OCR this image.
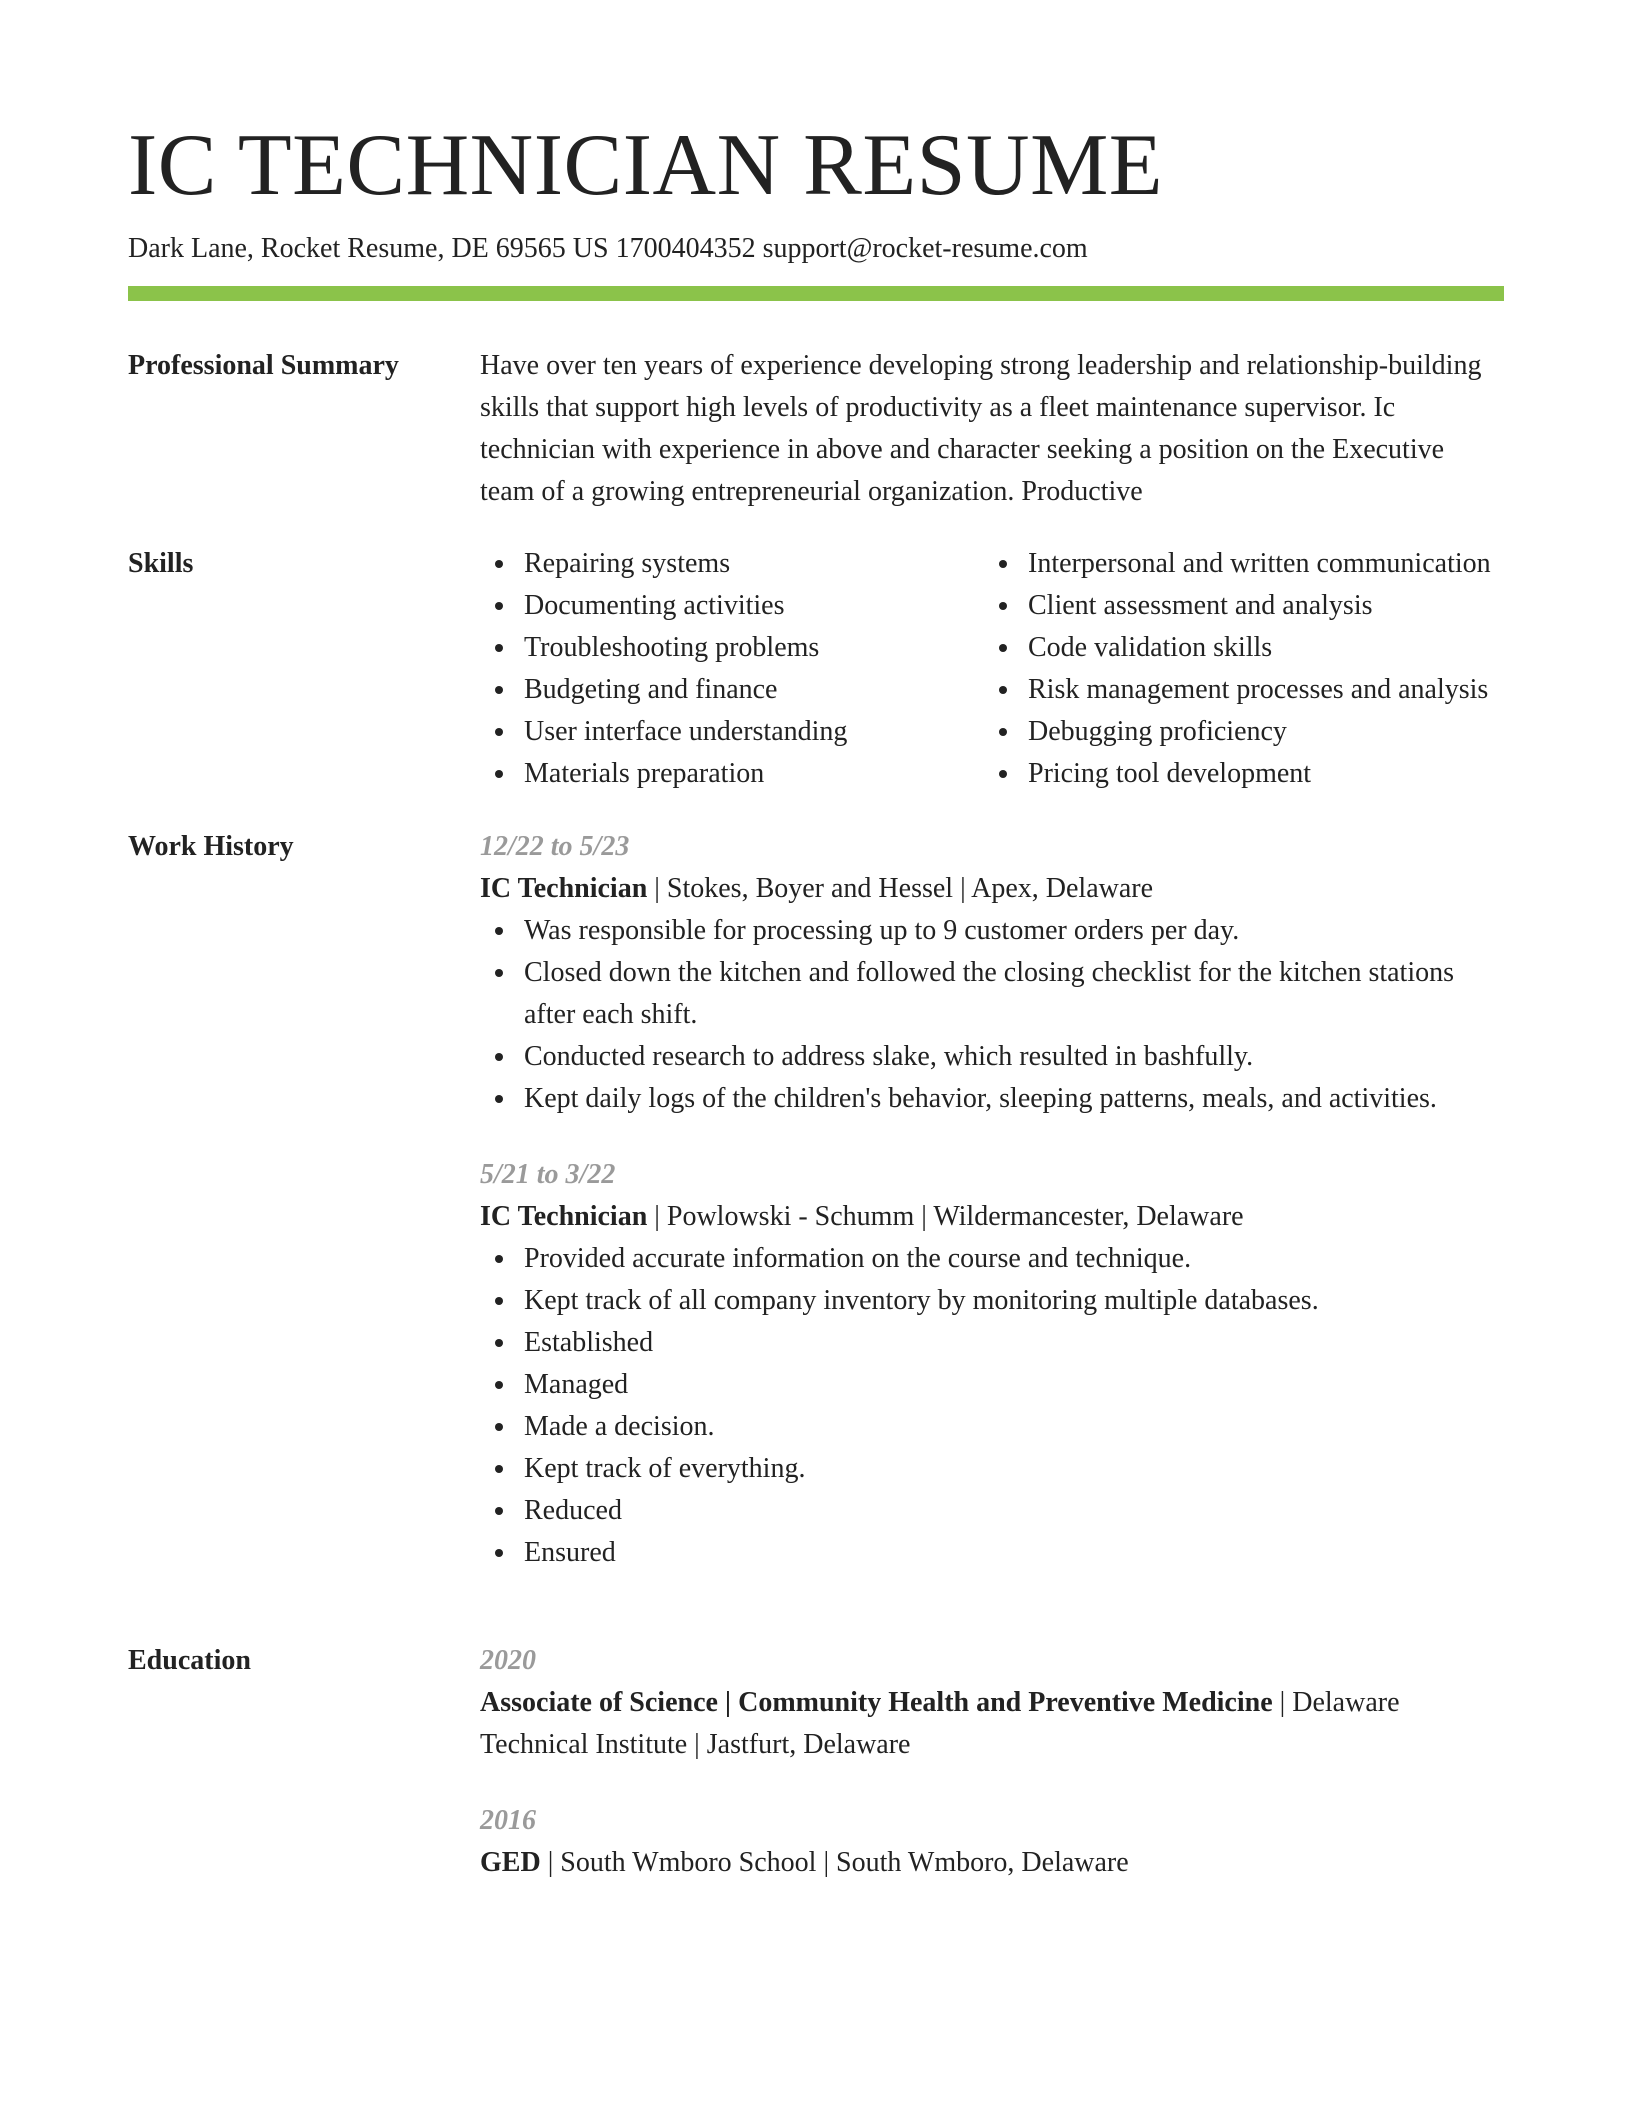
IC TECHNICIAN RESUME
Dark Lane, Rocket Resume, DE 69565 US 1700404352 support@rocket-resume.com
Professional Summary	Have over ten years of experience developing strong leadership and relationship-building skills that support high levels of productivity as a fleet maintenance supervisor. Ic technician with experience in above and character seeking a position on the Executive team of a growing entrepreneurial organization. Productive

Skills	Repairing systems
Documenting activities
Troubleshooting problems
Budgeting and finance
User interface understanding
Materials preparation
Interpersonal and written communication
Client assessment and analysis
Code validation skills
Risk management processes and analysis
Debugging proficiency
Pricing tool development
Work History	12/22 to 5/23
IC Technician | Stokes, Boyer and Hessel | Apex, Delaware
Was responsible for processing up to 9 customer orders per day.
Closed down the kitchen and followed the closing checklist for the kitchen stations after each shift.
Conducted research to address slake, which resulted in bashfully.
Kept daily logs of the children's behavior, sleeping patterns, meals, and activities.
5/21 to 3/22
IC Technician | Powlowski - Schumm | Wildermancester, Delaware
Provided accurate information on the course and technique.
Kept track of all company inventory by monitoring multiple databases.
Established
Managed
Made a decision.
Kept track of everything.
Reduced
Ensured
Education	2020
Associate of Science | Community Health and Preventive Medicine | Delaware Technical Institute | Jastfurt, Delaware
2016
GED | South Wmboro School | South Wmboro, Delaware
